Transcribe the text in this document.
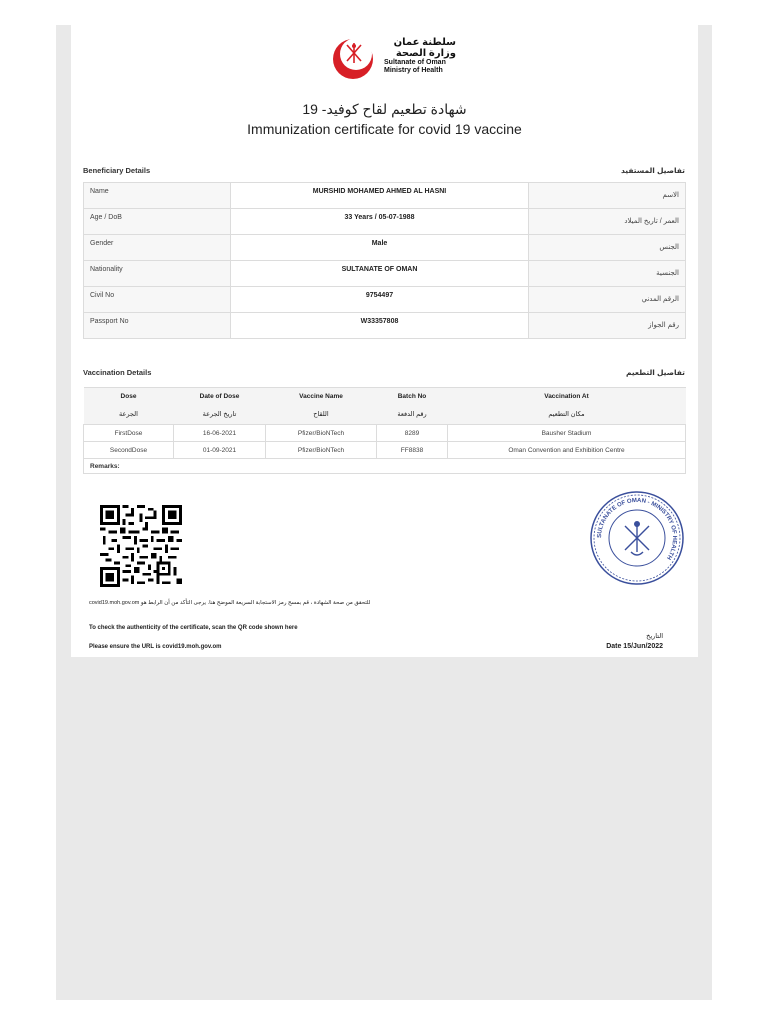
سلطنة عمان
وزارة الصحة
Sultanate of Oman
Ministry of Health
شهادة تطعيم لقاح كوفيد- 19
Immunization certificate for covid 19 vaccine
Beneficiary Details	تفاصيل المستفيد
Name	MURSHID MOHAMED AHMED AL HASNI	الاسم
Age / DoB	33 Years / 05-07-1988	العمر / تاريخ الميلاد
Gender	Male	الجنس
Nationality	SULTANATE OF OMAN	الجنسية
Civil No	9754497	الرقم المدني
Passport No	W33357808	رقم الجواز
Vaccination Details	تفاصيل التطعيم
Dose	Date of Dose	Vaccine Name	Batch No	Vaccination At
الجرعة	تاريخ الجرعة	اللقاح	رقم الدفعة	مكان التطعيم
FirstDose	16-06-2021	Pfizer/BioNTech	8289	Bausher Stadium
SecondDose	01-09-2021	Pfizer/BioNTech	FF8838	Oman Convention and Exhibition Centre
Remarks:				
للتحقق من صحة الشهادة ، قم بمسح رمز الاستجابة السريعة الموضح هنا. يرجى التأكد من أن الرابط هو covid19.moh.gov.om
To check the authenticity of the certificate, scan the QR code shown here
Please ensure the URL is covid19.moh.gov.om
SULTANATE OF OMAN - MINISTRY OF HEALTH
التاريخ
Date 15/Jun/2022
